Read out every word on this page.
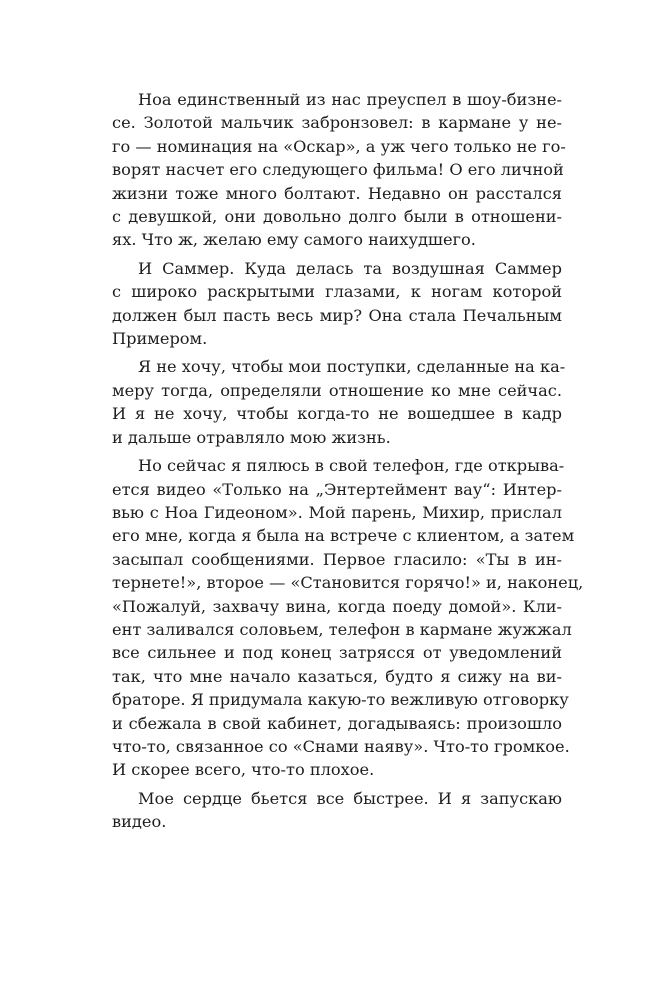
Ноа единственный из нас преуспел в шоу-бизне-
се. Золотой мальчик забронзовел: в кармане у не-
го — номинация на «Оскар», а уж чего только не го-
ворят насчет его следующего фильма! О его личной
жизни тоже много болтают. Недавно он расстался
с девушкой, они довольно долго были в отношени-
ях. Что ж, желаю ему самого наихудшего.

И Саммер. Куда делась та воздушная Саммер
с широко раскрытыми глазами, к ногам которой
должен был пасть весь мир? Она стала Печальным
Примером.

Я не хочу, чтобы мои поступки, сделанные на ка-
меру тогда, определяли отношение ко мне сейчас.
И я не хочу, чтобы когда-то не вошедшее в кадр
и дальше отравляло мою жизнь.

Но сейчас я пялюсь в свой телефон, где открыва-
ется видео «Только на „Энтертеймент вау“: Интер-
вью с Ноа Гидеоном». Мой парень, Михир, прислал
его мне, когда я была на встрече с клиентом, а затем
засыпал сообщениями. Первое гласило: «Ты в ин-
тернете!», второе — «Становится горячо!» и, наконец,
«Пожалуй, захвачу вина, когда поеду домой». Кли-
ент заливался соловьем, телефон в кармане жужжал
все сильнее и под конец затрясся от уведомлений
так, что мне начало казаться, будто я сижу на ви-
браторе. Я придумала какую-то вежливую отговорку
и сбежала в свой кабинет, догадываясь: произошло
что-то, связанное со «Снами наяву». Что-то громкое.
И скорее всего, что-то плохое.

Мое сердце бьется все быстрее. И я запускаю
видео.
